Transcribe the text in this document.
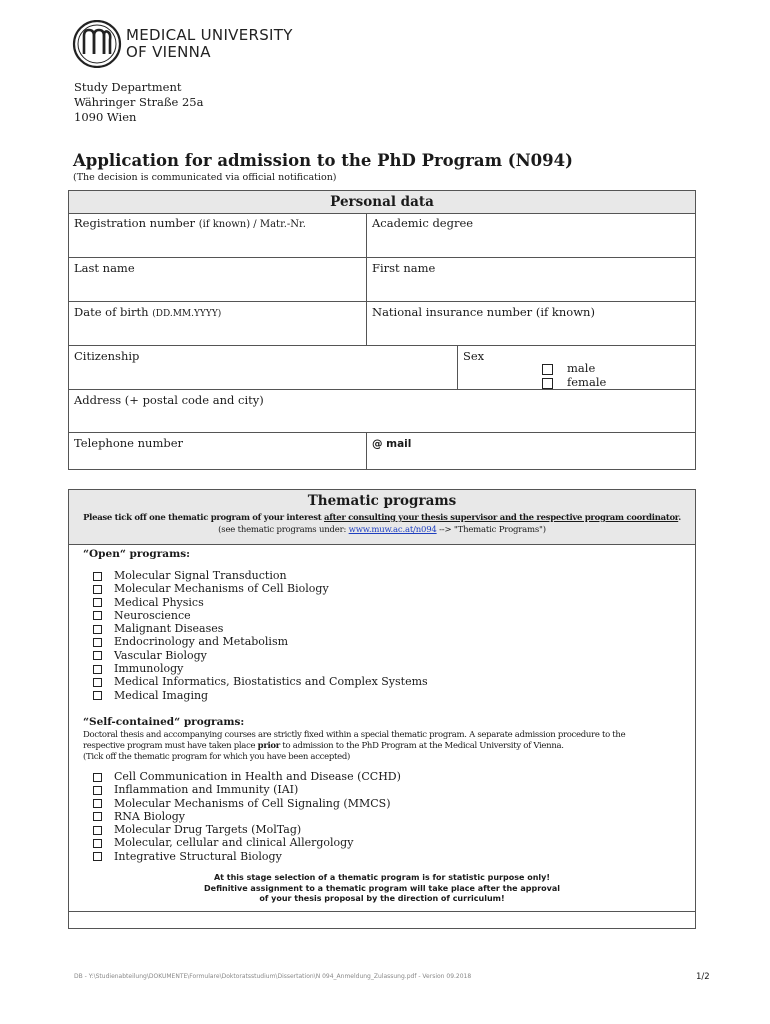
MEDICAL UNIVERSITY
OF VIENNA
Study Department
Währinger Straße 25a
1090 Wien
Application for admission to the PhD Program (N094)
(The decision is communicated via official notification)
Personal data
Registration number (if known) / Matr.-Nr.	Academic degree
Last name	First name
Date of birth (DD.MM.YYYY)	National insurance number (if known)
Citizenship	Sex
male
female
Address (+ postal code and city)
Telephone number	@ mail
Thematic programs
Please tick off one thematic program of your interest after consulting your thesis supervisor and the respective program coordinator.
(see thematic programs under: www.muw.ac.at/n094 --> "Thematic Programs")
“Open“ programs:
Molecular Signal Transduction
Molecular Mechanisms of Cell Biology
Medical Physics
Neuroscience
Malignant Diseases
Endocrinology and Metabolism
Vascular Biology
Immunology
Medical Informatics, Biostatistics and Complex Systems
Medical Imaging
“Self-contained“ programs:
Doctoral thesis and accompanying courses are strictly fixed within a special thematic program. A separate admission procedure to the
respective program must have taken place prior to admission to the PhD Program at the Medical University of Vienna.
(Tick off the thematic program for which you have been accepted)
Cell Communication in Health and Disease (CCHD)
Inflammation and Immunity (IAI)
Molecular Mechanisms of Cell Signaling (MMCS)
RNA Biology
Molecular Drug Targets (MolTag)
Molecular, cellular and clinical Allergology
Integrative Structural Biology
At this stage selection of a thematic program is for statistic purpose only!
Definitive assignment to a thematic program will take place after the approval
of your thesis proposal by the direction of curriculum!
DB - Y:\Studienabteilung\DOKUMENTE\Formulare\Doktoratsstudium\Dissertation\N 094_Anmeldung_Zulassung.pdf - Version 09.2018	1/2
